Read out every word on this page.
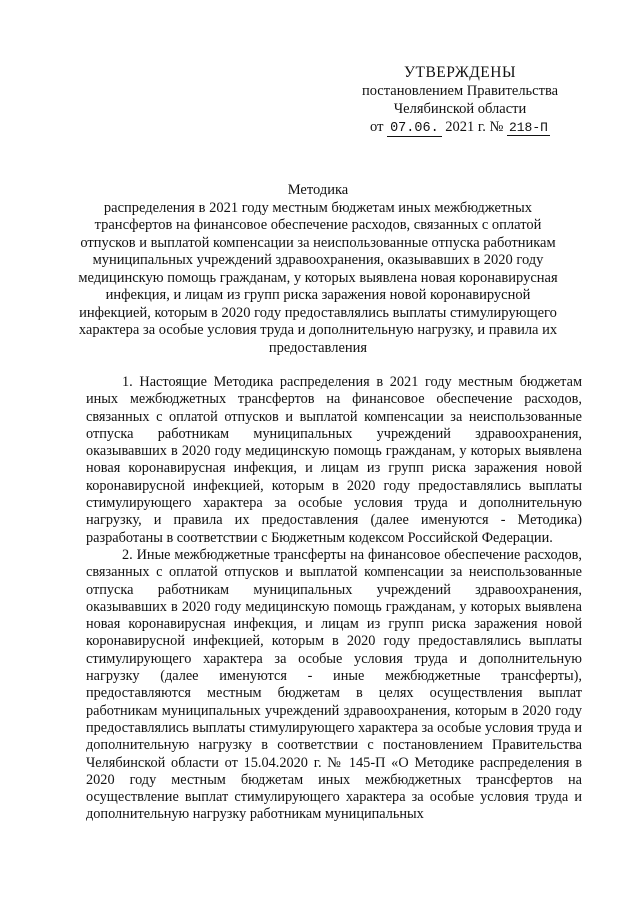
УТВЕРЖДЕНЫ
постановлением Правительства
Челябинской области
от 07.06. 2021 г. № 218-П
Методика
распределения в 2021 году местным бюджетам иных межбюджетных трансфертов на финансовое обеспечение расходов, связанных с оплатой отпусков и выплатой компенсации за неиспользованные отпуска работникам муниципальных учреждений здравоохранения, оказывавших в 2020 году медицинскую помощь гражданам, у которых выявлена новая коронавирусная инфекция, и лицам из групп риска заражения новой коронавирусной инфекцией, которым в 2020 году предоставлялись выплаты стимулирующего характера за особые условия труда и дополнительную нагрузку, и правила их предоставления

1. Настоящие Методика распределения в 2021 году местным бюджетам иных межбюджетных трансфертов на финансовое обеспечение расходов, связанных с оплатой отпусков и выплатой компенсации за неиспользованные отпуска работникам муниципальных учреждений здравоохранения, оказывавших в 2020 году медицинскую помощь гражданам, у которых выявлена новая коронавирусная инфекция, и лицам из групп риска заражения новой коронавирусной инфекцией, которым в 2020 году предоставлялись выплаты стимулирующего характера за особые условия труда и дополнительную нагрузку, и правила их предоставления (далее именуются - Методика) разработаны в соответствии с Бюджетным кодексом Российской Федерации.

2. Иные межбюджетные трансферты на финансовое обеспечение расходов, связанных с оплатой отпусков и выплатой компенсации за неиспользованные отпуска работникам муниципальных учреждений здравоохранения, оказывавших в 2020 году медицинскую помощь гражданам, у которых выявлена новая коронавирусная инфекция, и лицам из групп риска заражения новой коронавирусной инфекцией, которым в 2020 году предоставлялись выплаты стимулирующего характера за особые условия труда и дополнительную нагрузку (далее именуются - иные межбюджетные трансферты), предоставляются местным бюджетам в целях осуществления выплат работникам муниципальных учреждений здравоохранения, которым в 2020 году предоставлялись выплаты стимулирующего характера за особые условия труда и дополнительную нагрузку в соответствии с постановлением Правительства Челябинской области от 15.04.2020 г. № 145-П «О Методике распределения в 2020 году местным бюджетам иных межбюджетных трансфертов на осуществление выплат стимулирующего характера за особые условия труда и дополнительную нагрузку работникам муниципальных
